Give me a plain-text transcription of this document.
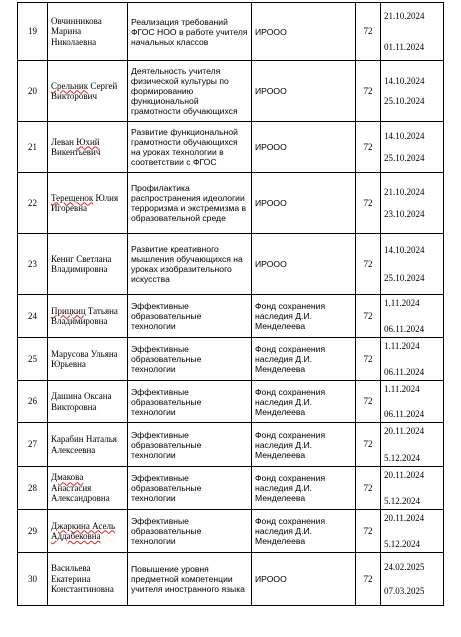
19	Овчинникова Марина Николаевна	Реализация требований ФГОС НОО в работе учителя начальных классов	ИРООО	72	21.10.2024
01.11.2024

20	Срельник Сергей Викторович	Деятельность учителя физической культуры по формированию функциональной грамотности обучающихся	ИРООО	72	14.10.2024
25.10.2024

21	Леван Юхий Викентьевич	Развитие функциональной грамотности обучающихся на уроках технологии в соответствии с ФГОС	ИРООО	72	14.10.2024
25.10.2024

22	Терещенок Юлия Игоревна	Профилактика распространения идеологии терроризма и экстремизма в образовательной среде	ИРООО	72	21.10.2024
23.10.2024

23	Кениг Светлана Владимировна	Развитие креативного мышления обучающихся на уроках изобразительного искусства	ИРООО	72	14.10.2024
25.10.2024

24	Прицкиц Татьяна Владимировна	Эффективные образовательные технологии	Фонд сохранения наследия Д.И. Менделеева	72	1.11.2024
06.11.2024

25	Марусова Ульяна Юрьевна	Эффективные образовательные технологии	Фонд сохранения наследия Д.И. Менделеева	72	1.11.2024
06.11.2024

26	Дашина Оксана Викторовна	Эффективные образовательные технологии	Фонд сохранения наследия Д.И. Менделеева	72	1.11.2024
06.11.2024

27	Карабин Наталья Алексеевна	Эффективные образовательные технологии	Фонд сохранения наследия Д.И. Менделеева	72	20.11.2024
5.12.2024

28	Дмакова Анастасия Александровна	Эффективные образовательные технологии	Фонд сохранения наследия Д.И. Менделеева	72	20.11.2024
5.12.2024

29	Джаркина Асель Аддабековна	Эффективные образовательные технологии	Фонд сохранения наследия Д.И. Менделеева	72	20.11.2024
5.12.2024

30	Васильева Екатерина Константиновна	Повышение уровня предметной компетенции учителя иностранного языка	ИРООО	72	24.02.2025
07.03.2025
